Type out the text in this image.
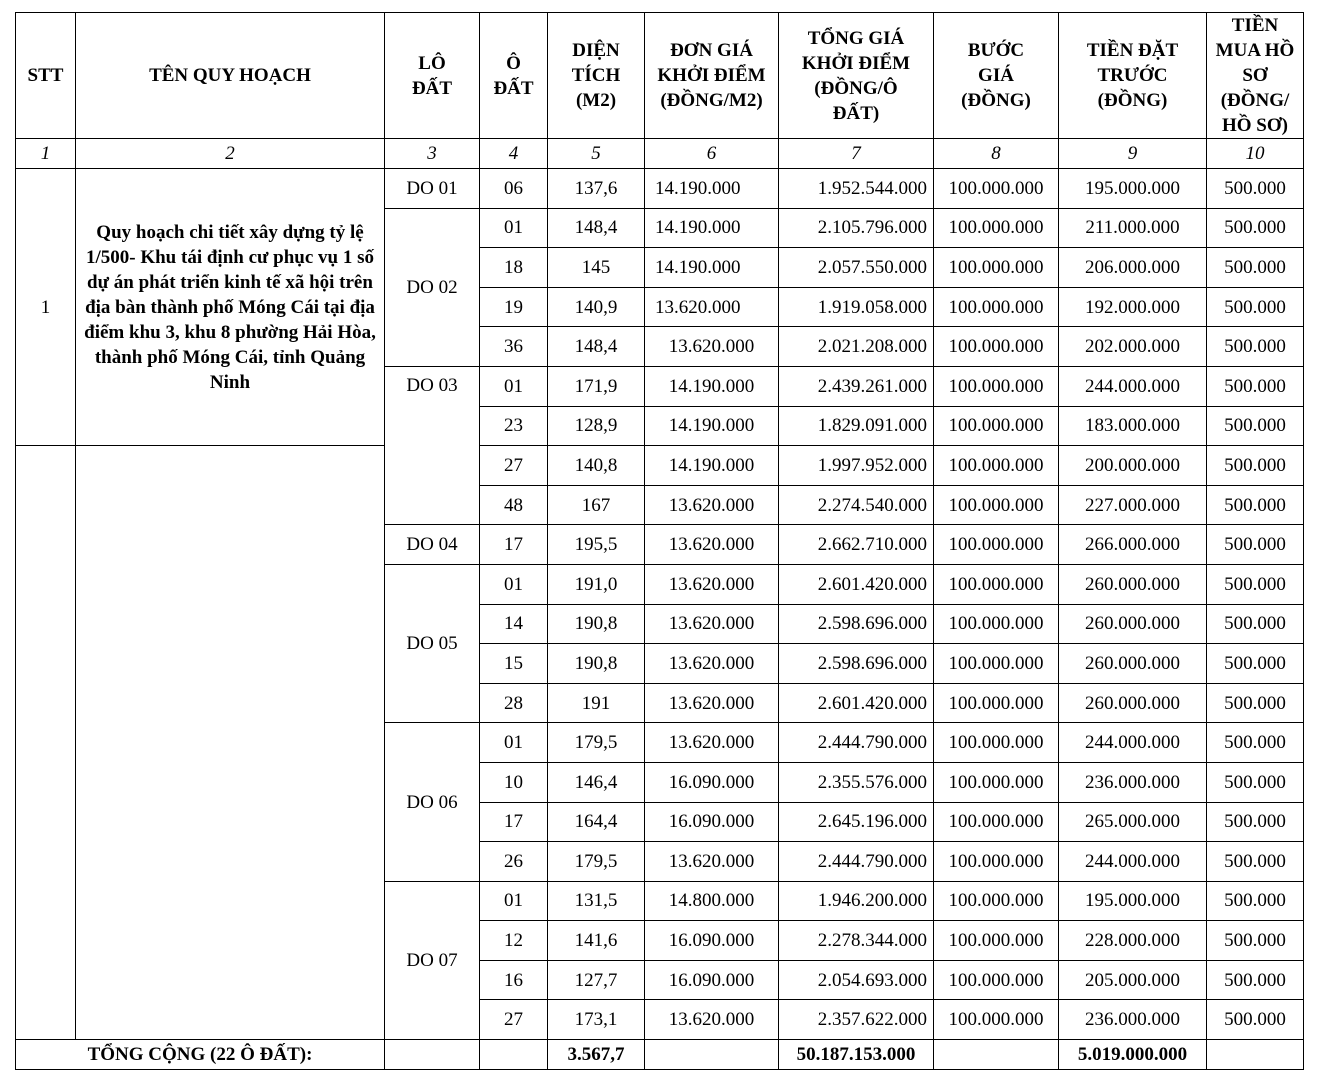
STT	TÊN QUY HOẠCH	LÔ ĐẤT	Ô ĐẤT	DIỆN TÍCH (M2)	ĐƠN GIÁ KHỞI ĐIỂM (ĐỒNG/M2)	TỔNG GIÁ KHỞI ĐIỂM (ĐỒNG/Ô ĐẤT)	BƯỚC GIÁ (ĐỒNG)	TIỀN ĐẶT TRƯỚC (ĐỒNG)	TIỀN MUA HỒ SƠ (ĐỒNG/ HỒ SƠ)
1	2	3	4	5	6	7	8	9	10
1	Quy hoạch chi tiết xây dựng tỷ lệ 1/500- Khu tái định cư phục vụ 1 số dự án phát triển kinh tế xã hội trên địa bàn thành phố Móng Cái tại địa điểm khu 3, khu 8 phường Hải Hòa, thành phố Móng Cái, tỉnh Quảng Ninh	DO 01	06	137,6	14.190.000	1.952.544.000	100.000.000	195.000.000	500.000
		DO 02	01	148,4	14.190.000	2.105.796.000	100.000.000	211.000.000	500.000
			18	145	14.190.000	2.057.550.000	100.000.000	206.000.000	500.000
			19	140,9	13.620.000	1.919.058.000	100.000.000	192.000.000	500.000
			36	148,4	13.620.000	2.021.208.000	100.000.000	202.000.000	500.000
		DO 03	01	171,9	14.190.000	2.439.261.000	100.000.000	244.000.000	500.000
			23	128,9	14.190.000	1.829.091.000	100.000.000	183.000.000	500.000
			27	140,8	14.190.000	1.997.952.000	100.000.000	200.000.000	500.000
			48	167	13.620.000	2.274.540.000	100.000.000	227.000.000	500.000
		DO 04	17	195,5	13.620.000	2.662.710.000	100.000.000	266.000.000	500.000
		DO 05	01	191,0	13.620.000	2.601.420.000	100.000.000	260.000.000	500.000
			14	190,8	13.620.000	2.598.696.000	100.000.000	260.000.000	500.000
			15	190,8	13.620.000	2.598.696.000	100.000.000	260.000.000	500.000
			28	191	13.620.000	2.601.420.000	100.000.000	260.000.000	500.000
		DO 06	01	179,5	13.620.000	2.444.790.000	100.000.000	244.000.000	500.000
			10	146,4	16.090.000	2.355.576.000	100.000.000	236.000.000	500.000
			17	164,4	16.090.000	2.645.196.000	100.000.000	265.000.000	500.000
			26	179,5	13.620.000	2.444.790.000	100.000.000	244.000.000	500.000
		DO 07	01	131,5	14.800.000	1.946.200.000	100.000.000	195.000.000	500.000
			12	141,6	16.090.000	2.278.344.000	100.000.000	228.000.000	500.000
			16	127,7	16.090.000	2.054.693.000	100.000.000	205.000.000	500.000
			27	173,1	13.620.000	2.357.622.000	100.000.000	236.000.000	500.000
TỔNG CỘNG (22 Ô ĐẤT):				3.567,7		50.187.153.000		5.019.000.000	
